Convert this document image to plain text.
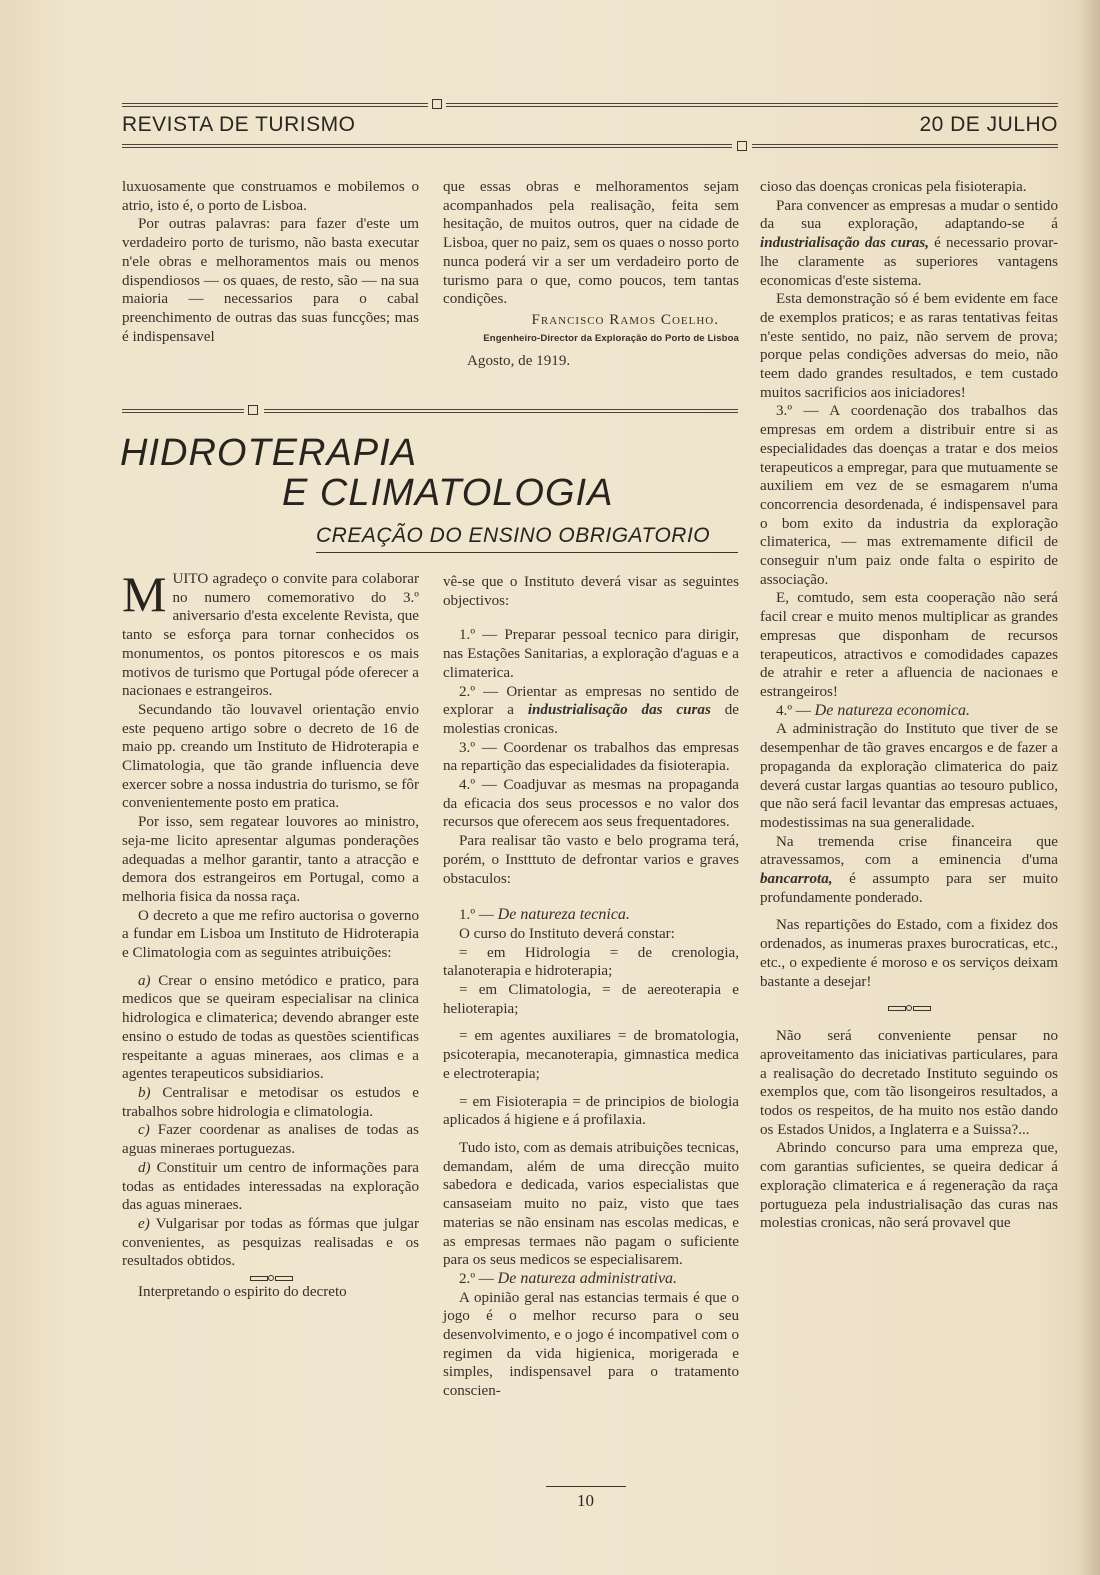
REVISTA DE TURISMO	20 DE JULHO

luxuosamente que construamos e mobilemos o atrio, isto é, o porto de Lisboa.

Por outras palavras: para fazer d'este um verdadeiro porto de turismo, não basta executar n'ele obras e melhoramentos mais ou menos dispendiosos — os quaes, de resto, são — na sua maioria — necessarios para o cabal preenchimento de outras das suas funcções; mas é indispensavel

que essas obras e melhoramentos sejam acompanhados pela realisação, feita sem hesitação, de muitos outros, quer na cidade de Lisboa, quer no paiz, sem os quaes o nosso porto nunca poderá vir a ser um verdadeiro porto de turismo para o que, como poucos, tem tantas condições.

Francisco Ramos Coelho.
Engenheiro-Director da Exploração do Porto de Lisboa
Agosto, de 1919.

cioso das doenças cronicas pela fisioterapia.

Para convencer as empresas a mudar o sentido da sua exploração, adaptando-se á industrialisação das curas, é necessario provar-lhe claramente as superiores vantagens economicas d'este sistema.

Esta demonstração só é bem evidente em face de exemplos praticos; e as raras tentativas feitas n'este sentido, no paiz, não servem de prova; porque pelas condições adversas do meio, não teem dado grandes resultados, e tem custado muitos sacrificios aos iniciadores!

3.º — A coordenação dos trabalhos das empresas em ordem a distribuir entre si as especialidades das doenças a tratar e dos meios terapeuticos a empregar, para que mutuamente se auxiliem em vez de se esmagarem n'uma concorrencia desordenada, é indispensavel para o bom exito da industria da exploração climaterica, — mas extremamente dificil de conseguir n'um paiz onde falta o espirito de associação.

E, comtudo, sem esta cooperação não será facil crear e muito menos multiplicar as grandes empresas que disponham de recursos terapeuticos, atractivos e comodidades capazes de atrahir e reter a afluencia de nacionaes e estrangeiros!

4.º — De natureza economica.

A administração do Instituto que tiver de se desempenhar de tão graves encargos e de fazer a propaganda da exploração climaterica do paiz deverá custar largas quantias ao tesouro publico, que não será facil levantar das empresas actuaes, modestissimas na sua generalidade.

Na tremenda crise financeira que atravessamos, com a eminencia d'uma bancarrota, é assumpto para ser muito profundamente ponderado.

Nas repartições do Estado, com a fixidez dos ordenados, as inumeras praxes burocraticas, etc., etc., o expediente é moroso e os serviços deixam bastante a desejar!

Não será conveniente pensar no aproveitamento das iniciativas particulares, para a realisação do decretado Instituto seguindo os exemplos que, com tão lisongeiros resultados, a todos os respeitos, de ha muito nos estão dando os Estados Unidos, a Inglaterra e a Suissa?...

Abrindo concurso para uma empreza que, com garantias suficientes, se queira dedicar á exploração climaterica e á regeneração da raça portugueza pela industrialisação das curas nas molestias cronicas, não será provavel que

HIDROTERAPIA
E CLIMATOLOGIA
CREAÇÃO DO ENSINO OBRIGATORIO

MUITO agradeço o convite para colaborar no numero comemorativo do 3.º aniversario d'esta excelente Revista, que tanto se esforça para tornar conhecidos os monumentos, os pontos pitorescos e os mais motivos de turismo que Portugal póde oferecer a nacionaes e estrangeiros.

Secundando tão louvavel orientação envio este pequeno artigo sobre o decreto de 16 de maio pp. creando um Instituto de Hidroterapia e Climatologia, que tão grande influencia deve exercer sobre a nossa industria do turismo, se fôr convenientemente posto em pratica.

Por isso, sem regatear louvores ao ministro, seja-me licito apresentar algumas ponderações adequadas a melhor garantir, tanto a atracção e demora dos estrangeiros em Portugal, como a melhoria fisica da nossa raça.

O decreto a que me refiro auctorisa o governo a fundar em Lisboa um Instituto de Hidroterapia e Climatologia com as seguintes atribuições:

a) Crear o ensino metódico e pratico, para medicos que se queiram especialisar na clinica hidrologica e climaterica; devendo abranger este ensino o estudo de todas as questões scientificas respeitante a aguas mineraes, aos climas e a agentes terapeuticos subsidiarios.

b) Centralisar e metodisar os estudos e trabalhos sobre hidrologia e climatologia.

c) Fazer coordenar as analises de todas as aguas mineraes portuguezas.

d) Constituir um centro de informações para todas as entidades interessadas na exploração das aguas mineraes.

e) Vulgarisar por todas as fórmas que julgar convenientes, as pesquizas realisadas e os resultados obtidos.

Interpretando o espirito do decreto

vê-se que o Instituto deverá visar as seguintes objectivos:

1.º — Preparar pessoal tecnico para dirigir, nas Estações Sanitarias, a exploração d'aguas e a climaterica.

2.º — Orientar as empresas no sentido de explorar a industrialisação das curas de molestias cronicas.

3.º — Coordenar os trabalhos das empresas na repartição das especialidades da fisioterapia.

4.º — Coadjuvar as mesmas na propaganda da eficacia dos seus processos e no valor dos recursos que oferecem aos seus frequentadores.

Para realisar tão vasto e belo programa terá, porém, o Instttuto de defrontar varios e graves obstaculos:

1.º — De natureza tecnica.

O curso do Instituto deverá constar:

= em Hidrologia = de crenologia, talanoterapia e hidroterapia;

= em Climatologia, = de aereoterapia e helioterapia;

= em agentes auxiliares = de bromatologia, psicoterapia, mecanoterapia, gimnastica medica e electroterapia;

= em Fisioterapia = de principios de biologia aplicados á higiene e á profilaxia.

Tudo isto, com as demais atribuições tecnicas, demandam, além de uma direcção muito sabedora e dedicada, varios especialistas que cansaseiam muito no paiz, visto que taes materias se não ensinam nas escolas medicas, e as empresas termaes não pagam o suficiente para os seus medicos se especialisarem.

2.º — De natureza administrativa.

A opinião geral nas estancias termais é que o jogo é o melhor recurso para o seu desenvolvimento, e o jogo é incompativel com o regimen da vida higienica, morigerada e simples, indispensavel para o tratamento conscien-

10
